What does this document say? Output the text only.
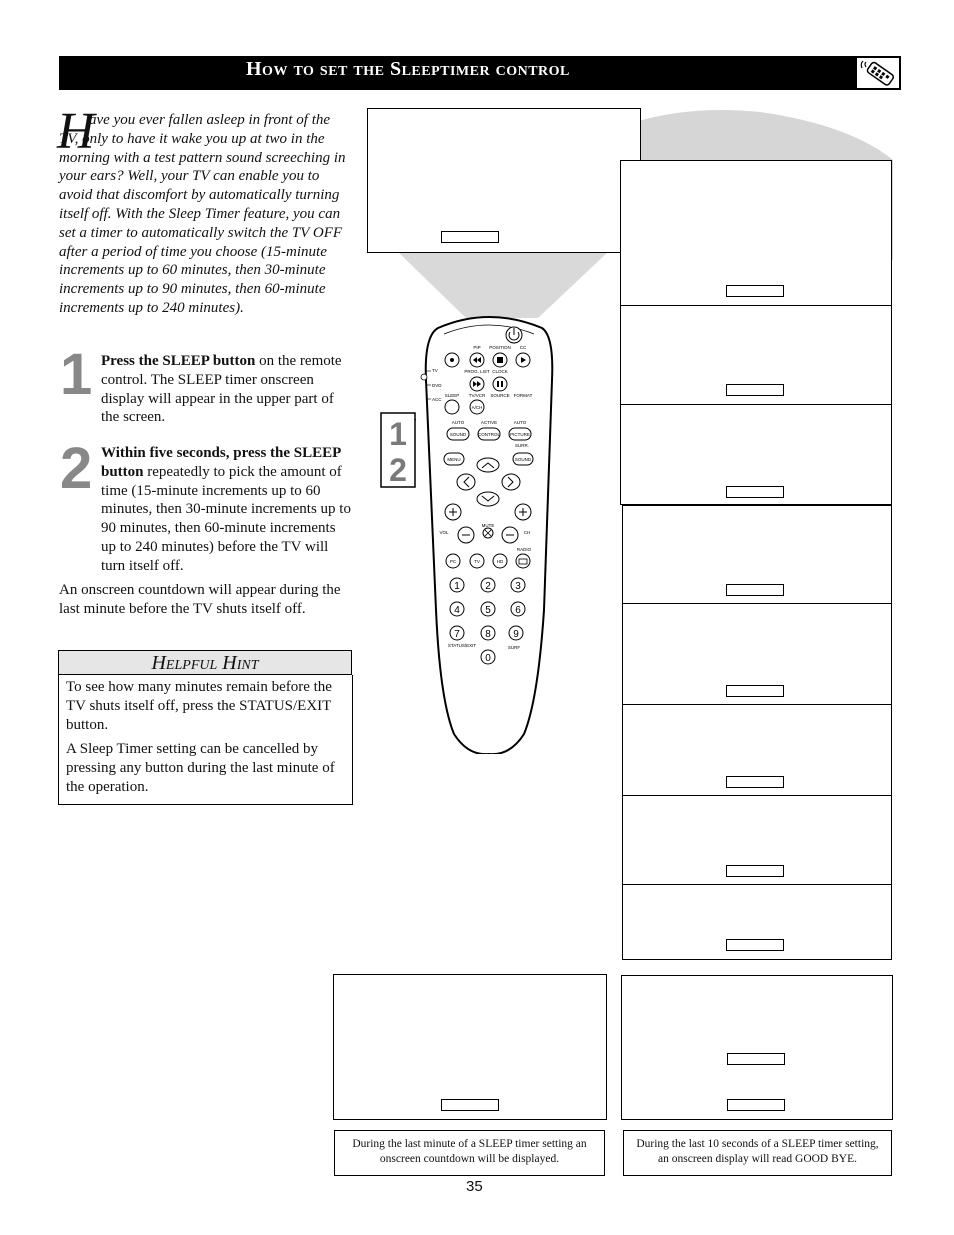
How to set the Sleeptimer control
H
ave you ever fallen asleep in front of the TV, only to have it wake you up at two in the morning with a test pattern sound screeching in your ears? Well, your TV can enable you to avoid that discomfort by automatically turning itself off. With the Sleep Timer feature, you can set a timer to automatically switch the TV OFF after a period of time you choose (15-minute increments up to 60 minutes, then 30-minute increments up to 90 minutes, then 60-minute increments up to 240 minutes).
1 Press the SLEEP button on the remote control. The SLEEP timer onscreen display will appear in the upper part of the screen.
2 Within five seconds, press the SLEEP button repeatedly to pick the amount of time (15-minute increments up to 60 minutes, then 30-minute increments up to 90 minutes, then 60-minute increments up to 240 minutes) before the TV will turn itself off.
An onscreen countdown will appear during the last minute before the TV shuts itself off.
Helpful Hint

To see how many minutes remain before the TV shuts itself off, press the STATUS/EXIT button.

A Sleep Timer setting can be cancelled by pressing any button during the last minute of the operation.

During the last minute of a SLEEP timer setting an onscreen countdown will be displayed.
During the last 10 seconds of a SLEEP timer setting, an onscreen display will read GOOD BYE.
35
1
2
PIP POSITION CC
TV
DVD
ACC
PROG. LIST CLOCK
SLEEP TV/VCR SOURCE FORMAT
A/CH
AUTO	ACTIVE	AUTO
SOUND	CONTROL PICTURE
SURR.
MENU	SOUND
VOL	CH
MUTE
RADIO
PC	TV	HD
1	2 3
4	5 6
7	8 9
STATUS/EXIT	SURF
0
